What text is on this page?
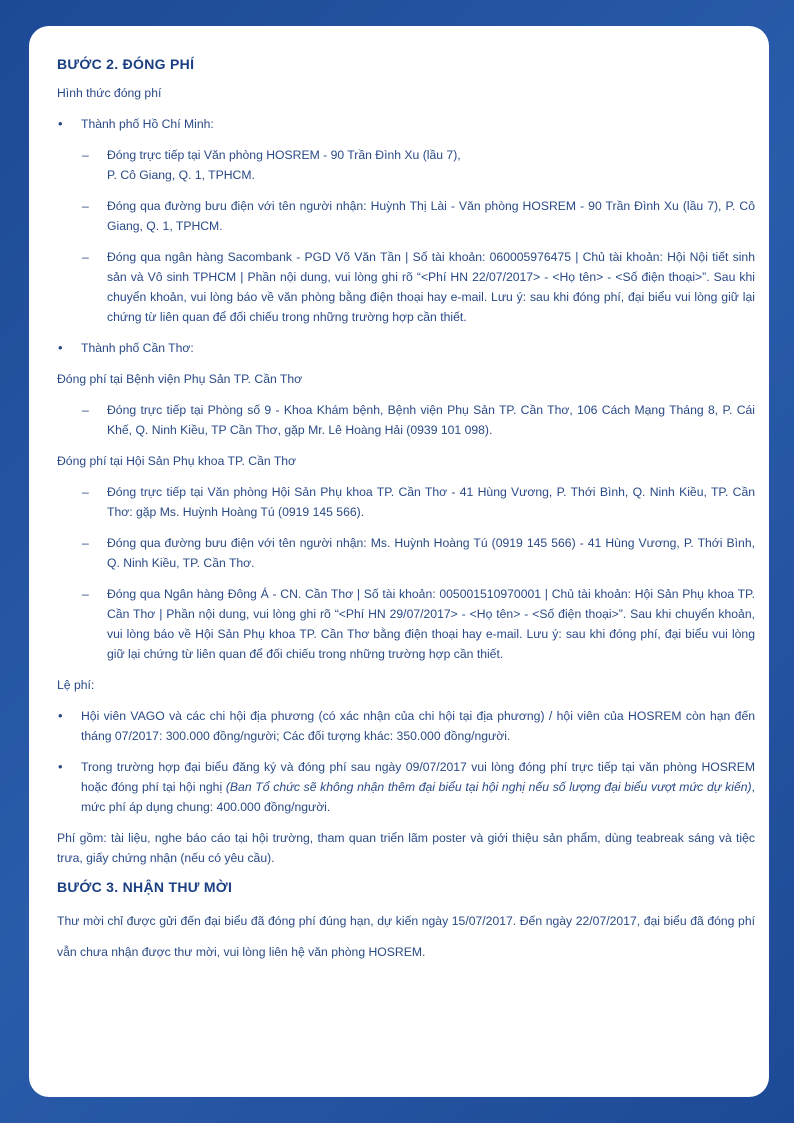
BƯỚC 2. ĐÓNG PHÍ
Hình thức đóng phí
• Thành phố Hồ Chí Minh:
– Đóng trực tiếp tại Văn phòng HOSREM - 90 Trần Đình Xu (lầu 7),
P. Cô Giang, Q. 1, TPHCM.
– Đóng qua đường bưu điện với tên người nhận: Huỳnh Thị Lài - Văn phòng HOSREM - 90 Trần Đình Xu (lầu 7), P. Cô Giang, Q. 1, TPHCM.
– Đóng qua ngân hàng Sacombank - PGD Võ Văn Tần | Số tài khoản: 060005976475 | Chủ tài khoản: Hội Nội tiết sinh sản và Vô sinh TPHCM | Phần nội dung, vui lòng ghi rõ “<Phí HN 22/07/2017> - <Họ tên> - <Số điện thoại>”. Sau khi chuyển khoản, vui lòng báo về văn phòng bằng điện thoại hay e-mail. Lưu ý: sau khi đóng phí, đại biểu vui lòng giữ lại chứng từ liên quan để đối chiếu trong những trường hợp cần thiết.
• Thành phố Cần Thơ:
Đóng phí tại Bệnh viện Phụ Sản TP. Cần Thơ
– Đóng trực tiếp tại Phòng số 9 - Khoa Khám bệnh, Bệnh viện Phụ Sản TP. Cần Thơ, 106 Cách Mạng Tháng 8, P. Cái Khế, Q. Ninh Kiều, TP Cần Thơ, gặp Mr. Lê Hoàng Hải (0939 101 098).
Đóng phí tại Hội Sản Phụ khoa TP. Cần Thơ
– Đóng trực tiếp tại Văn phòng Hội Sản Phụ khoa TP. Cần Thơ - 41 Hùng Vương, P. Thới Bình, Q. Ninh Kiều, TP. Cần Thơ: gặp Ms. Huỳnh Hoàng Tú (0919 145 566).
– Đóng qua đường bưu điện với tên người nhận: Ms. Huỳnh Hoàng Tú (0919 145 566) - 41 Hùng Vương, P. Thới Bình, Q. Ninh Kiều, TP. Cần Thơ.
– Đóng qua Ngân hàng Đông Á - CN. Cần Thơ | Số tài khoản: 005001510970001 | Chủ tài khoản: Hội Sản Phụ khoa TP. Cần Thơ | Phần nội dung, vui lòng ghi rõ “<Phí HN 29/07/2017> - <Họ tên> - <Số điện thoại>”. Sau khi chuyển khoản, vui lòng báo về Hội Sản Phụ khoa TP. Cần Thơ bằng điện thoại hay e-mail. Lưu ý: sau khi đóng phí, đại biểu vui lòng giữ lại chứng từ liên quan để đối chiếu trong những trường hợp cần thiết.
Lệ phí:
• Hội viên VAGO và các chi hội địa phương (có xác nhận của chi hội tại địa phương) / hội viên của HOSREM còn hạn đến tháng 07/2017: 300.000 đồng/người; Các đối tượng khác: 350.000 đồng/người.
• Trong trường hợp đại biểu đăng ký và đóng phí sau ngày 09/07/2017 vui lòng đóng phí trực tiếp tại văn phòng HOSREM hoặc đóng phí tại hội nghị (Ban Tổ chức sẽ không nhận thêm đại biểu tại hội nghị nếu số lượng đại biểu vượt mức dự kiến), mức phí áp dụng chung: 400.000 đồng/người.
Phí gồm: tài liệu, nghe báo cáo tại hội trường, tham quan triển lãm poster và giới thiệu sản phẩm, dùng teabreak sáng và tiệc trưa, giấy chứng nhận (nếu có yêu cầu).
BƯỚC 3. NHẬN THƯ MỜI
Thư mời chỉ được gửi đến đại biểu đã đóng phí đúng hạn, dự kiến ngày 15/07/2017. Đến ngày 22/07/2017, đại biểu đã đóng phí vẫn chưa nhận được thư mời, vui lòng liên hệ văn phòng HOSREM.
